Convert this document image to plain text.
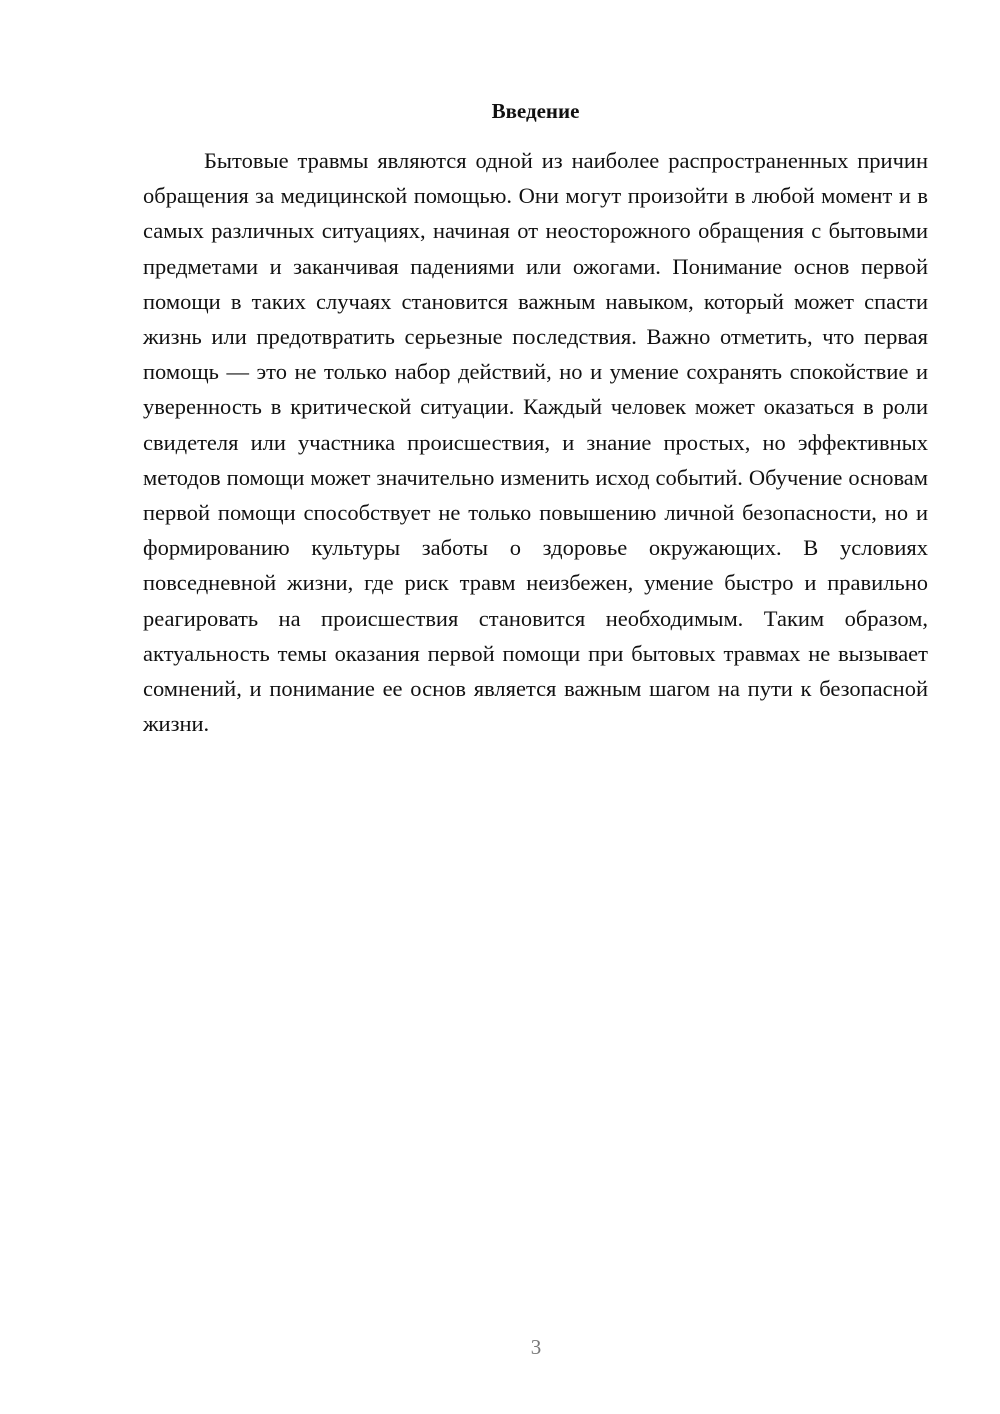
Введение

Бытовые травмы являются одной из наиболее распространенных причин обращения за медицинской помощью. Они могут произойти в любой момент и в самых различных ситуациях, начиная от неосторожного обращения с бытовыми предметами и заканчивая падениями или ожогами. Понимание основ первой помощи в таких случаях становится важным навыком, который может спасти жизнь или предотвратить серьезные последствия. Важно отметить, что первая помощь — это не только набор действий, но и умение сохранять спокойствие и уверенность в критической ситуации. Каждый человек может оказаться в роли свидетеля или участника происшествия, и знание простых, но эффективных методов помощи может значительно изменить исход событий. Обучение основам первой помощи способствует не только повышению личной безопасности, но и формированию культуры заботы о здоровье окружающих. В условиях повседневной жизни, где риск травм неизбежен, умение быстро и правильно реагировать на происшествия становится необходимым. Таким образом, актуальность темы оказания первой помощи при бытовых травмах не вызывает сомнений, и понимание ее основ является важным шагом на пути к безопасной жизни.

3
